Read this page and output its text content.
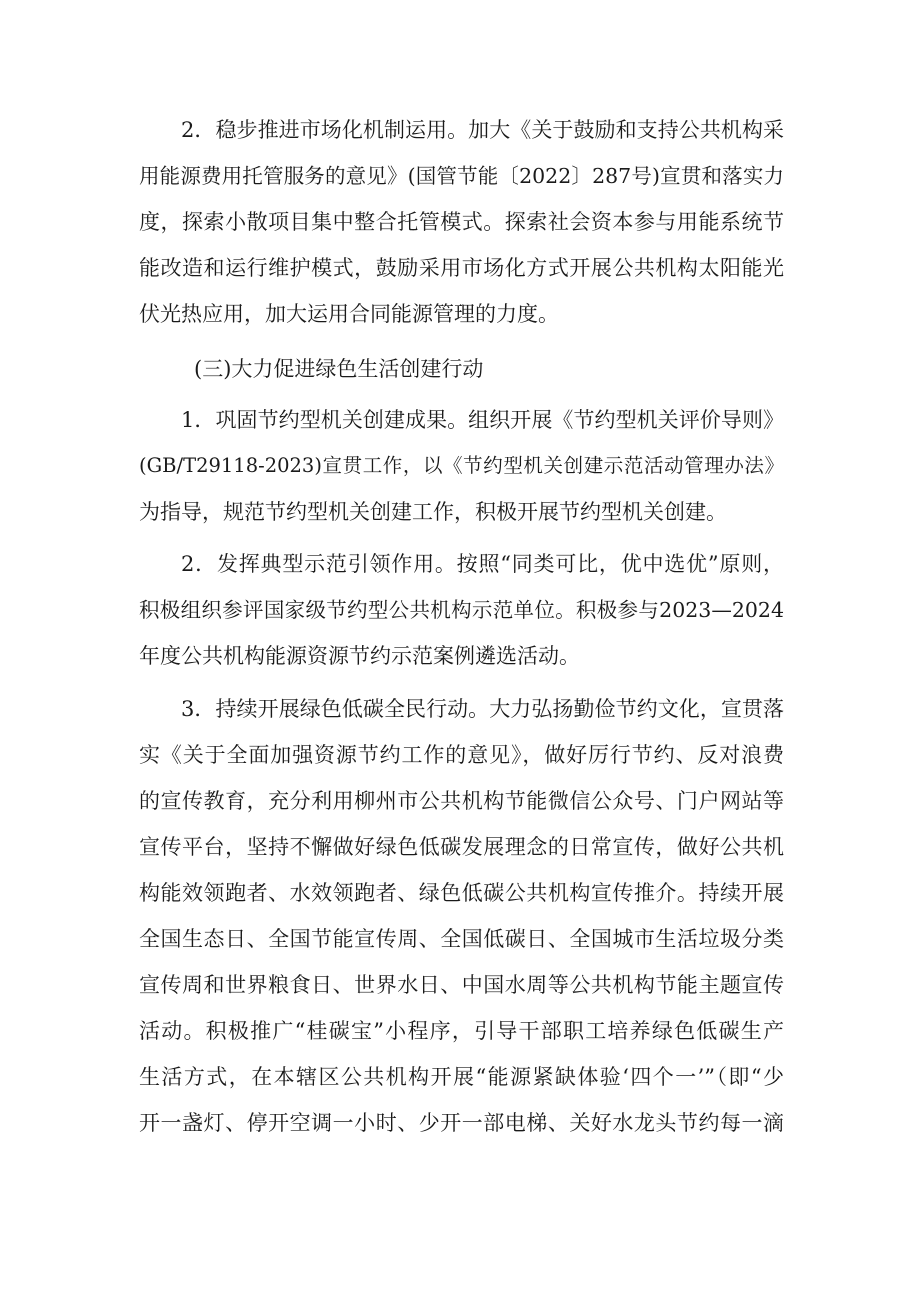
2．稳步推进市场化机制运用。加大《关于鼓励和支持公共机构采

用能源费用托管服务的意见》(国管节能〔2022〕287号)宣贯和落实力

度，探索小散项目集中整合托管模式。探索社会资本参与用能系统节

能改造和运行维护模式，鼓励采用市场化方式开展公共机构太阳能光

伏光热应用，加大运用合同能源管理的力度。

(三)大力促进绿色生活创建行动

1．巩固节约型机关创建成果。组织开展《节约型机关评价导则》

(GB/T29118-2023)宣贯工作，以《节约型机关创建示范活动管理办法》

为指导，规范节约型机关创建工作，积极开展节约型机关创建。

2．发挥典型示范引领作用。按照“同类可比，优中选优”原则，

积极组织参评国家级节约型公共机构示范单位。积极参与2023—2024

年度公共机构能源资源节约示范案例遴选活动。

3．持续开展绿色低碳全民行动。大力弘扬勤俭节约文化，宣贯落

实《关于全面加强资源节约工作的意见》，做好厉行节约、反对浪费

的宣传教育，充分利用柳州市公共机构节能微信公众号、门户网站等

宣传平台，坚持不懈做好绿色低碳发展理念的日常宣传，做好公共机

构能效领跑者、水效领跑者、绿色低碳公共机构宣传推介。持续开展

全国生态日、全国节能宣传周、全国低碳日、全国城市生活垃圾分类

宣传周和世界粮食日、世界水日、中国水周等公共机构节能主题宣传

活动。积极推广“桂碳宝”小程序，引导干部职工培养绿色低碳生产

生活方式，在本辖区公共机构开展“能源紧缺体验‘四个一’”（即“少

开一盏灯、停开空调一小时、少开一部电梯、关好水龙头节约每一滴
